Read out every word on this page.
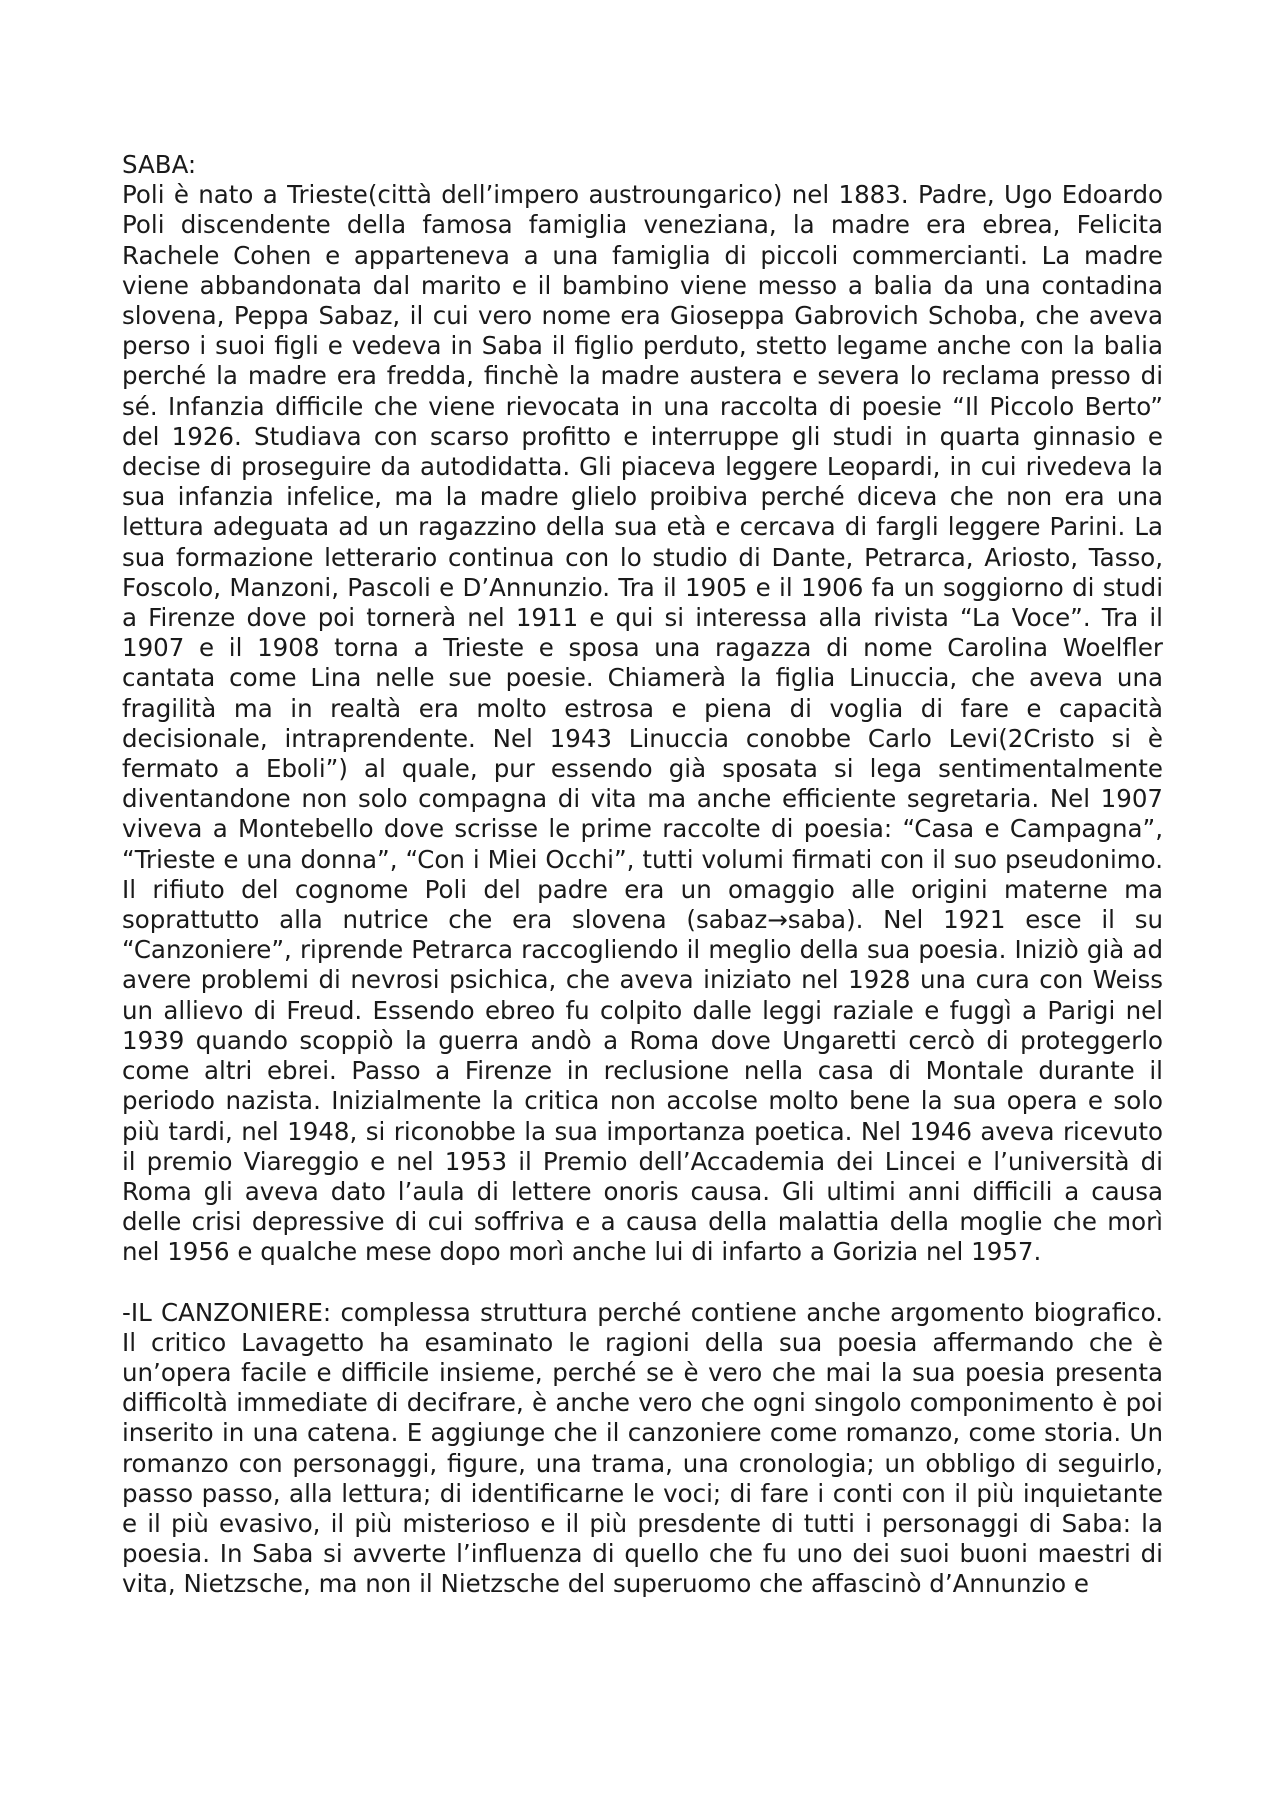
SABA:

Poli è nato a Trieste(città dell’impero austroungarico) nel 1883. Padre, Ugo Edoardo Poli discendente della famosa famiglia veneziana, la madre era ebrea, Felicita Rachele Cohen e apparteneva a una famiglia di piccoli commercianti. La madre viene abbandonata dal marito e il bambino viene messo a balia da una contadina slovena, Peppa Sabaz, il cui vero nome era Gioseppa Gabrovich Schoba, che aveva perso i suoi figli e vedeva in Saba il figlio perduto, stetto legame anche con la balia perché la madre era fredda, finchè la madre austera e severa lo reclama presso di sé. Infanzia difficile che viene rievocata in una raccolta di poesie “Il Piccolo Berto” del 1926. Studiava con scarso profitto e interruppe gli studi in quarta ginnasio e decise di proseguire da autodidatta. Gli piaceva leggere Leopardi, in cui rivedeva la sua infanzia infelice, ma la madre glielo proibiva perché diceva che non era una lettura adeguata ad un ragazzino della sua età e cercava di fargli leggere Parini. La sua formazione letterario continua con lo studio di Dante, Petrarca, Ariosto, Tasso, Foscolo, Manzoni, Pascoli e D’Annunzio. Tra il 1905 e il 1906 fa un soggiorno di studi a Firenze dove poi tornerà nel 1911 e qui si interessa alla rivista “La Voce”. Tra il 1907 e il 1908 torna a Trieste e sposa una ragazza di nome Carolina Woelfler cantata come Lina nelle sue poesie. Chiamerà la figlia Linuccia, che aveva una fragilità ma in realtà era molto estrosa e piena di voglia di fare e capacità decisionale, intraprendente. Nel 1943 Linuccia conobbe Carlo Levi(2Cristo si è fermato a Eboli”) al quale, pur essendo già sposata si lega sentimentalmente diventandone non solo compagna di vita ma anche efficiente segretaria. Nel 1907 viveva a Montebello dove scrisse le prime raccolte di poesia: “Casa e Campagna”, “Trieste e una donna”, “Con i Miei Occhi”, tutti volumi firmati con il suo pseudonimo. Il rifiuto del cognome Poli del padre era un omaggio alle origini materne ma soprattutto alla nutrice che era slovena (sabaz→saba). Nel 1921 esce il su “Canzoniere”, riprende Petrarca raccogliendo il meglio della sua poesia. Iniziò già ad avere problemi di nevrosi psichica, che aveva iniziato nel 1928 una cura con Weiss un allievo di Freud. Essendo ebreo fu colpito dalle leggi raziale e fuggì a Parigi nel 1939 quando scoppiò la guerra andò a Roma dove Ungaretti cercò di proteggerlo come altri ebrei. Passo a Firenze in reclusione nella casa di Montale durante il periodo nazista. Inizialmente la critica non accolse molto bene la sua opera e solo più tardi, nel 1948, si riconobbe la sua importanza poetica. Nel 1946 aveva ricevuto il premio Viareggio e nel 1953 il Premio dell’Accademia dei Lincei e l’università di Roma gli aveva dato l’aula di lettere onoris causa. Gli ultimi anni difficili a causa delle crisi depressive di cui soffriva e a causa della malattia della moglie che morì nel 1956 e qualche mese dopo morì anche lui di infarto a Gorizia nel 1957.

-IL CANZONIERE: complessa struttura perché contiene anche argomento biografico. Il critico Lavagetto ha esaminato le ragioni della sua poesia affermando che è un’opera facile e difficile insieme, perché se è vero che mai la sua poesia presenta difficoltà immediate di decifrare, è anche vero che ogni singolo componimento è poi inserito in una catena. E aggiunge che il canzoniere come romanzo, come storia. Un romanzo con personaggi, figure, una trama, una cronologia; un obbligo di seguirlo, passo passo, alla lettura; di identificarne le voci; di fare i conti con il più inquietante e il più evasivo, il più misterioso e il più presdente di tutti i personaggi di Saba: la poesia. In Saba si avverte l’influenza di quello che fu uno dei suoi buoni maestri di vita, Nietzsche, ma non il Nietzsche del superuomo che affascinò d’Annunzio e
